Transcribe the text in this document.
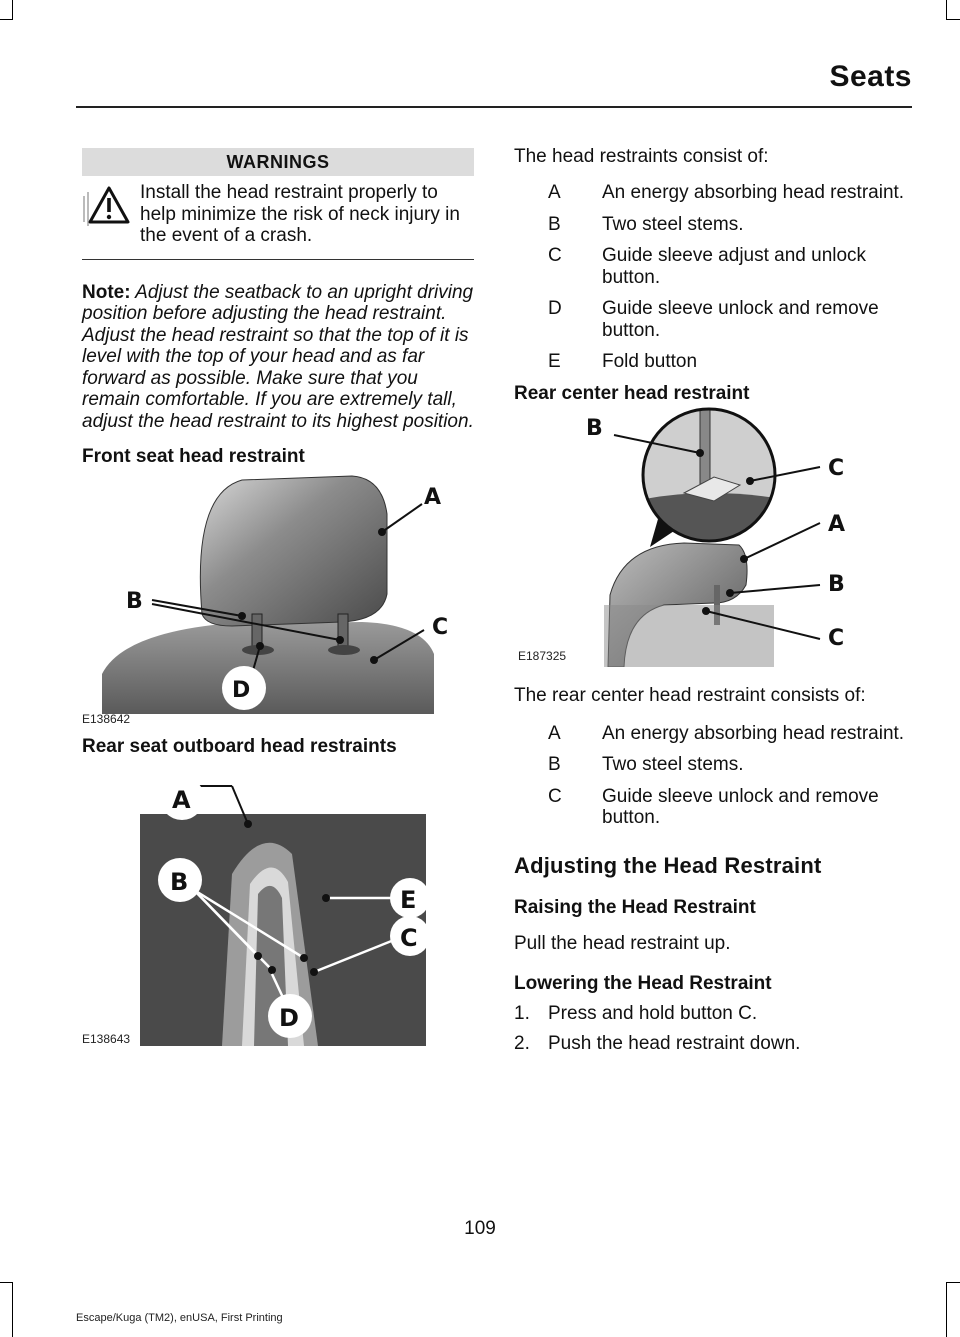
Seats
WARNINGS
Install the head restraint properly to help minimize the risk of neck injury in the event of a crash.
Note: Adjust the seatback to an upright driving position before adjusting the head restraint. Adjust the head restraint so that the top of it is level with the top of your head and as far forward as possible. Make sure that you remain comfortable. If you are extremely tall, adjust the head restraint to its highest position.
Front seat head restraint
A
B
C
D
E138642
Rear seat outboard head restraints
A
B
E
C
D
E138643
The head restraints consist of:
A	An energy absorbing head restraint.
B	Two steel stems.
C	Guide sleeve adjust and unlock button.
D	Guide sleeve unlock and remove button.
E	Fold button
Rear center head restraint
B
C
A
B
C
E187325
The rear center head restraint consists of:
A	An energy absorbing head restraint.
B	Two steel stems.
C	Guide sleeve unlock and remove button.
Adjusting the Head Restraint
Raising the Head Restraint
Pull the head restraint up.
Lowering the Head Restraint
1. Press and hold button C.
2. Push the head restraint down.
109
Escape/Kuga (TM2), enUSA, First Printing
